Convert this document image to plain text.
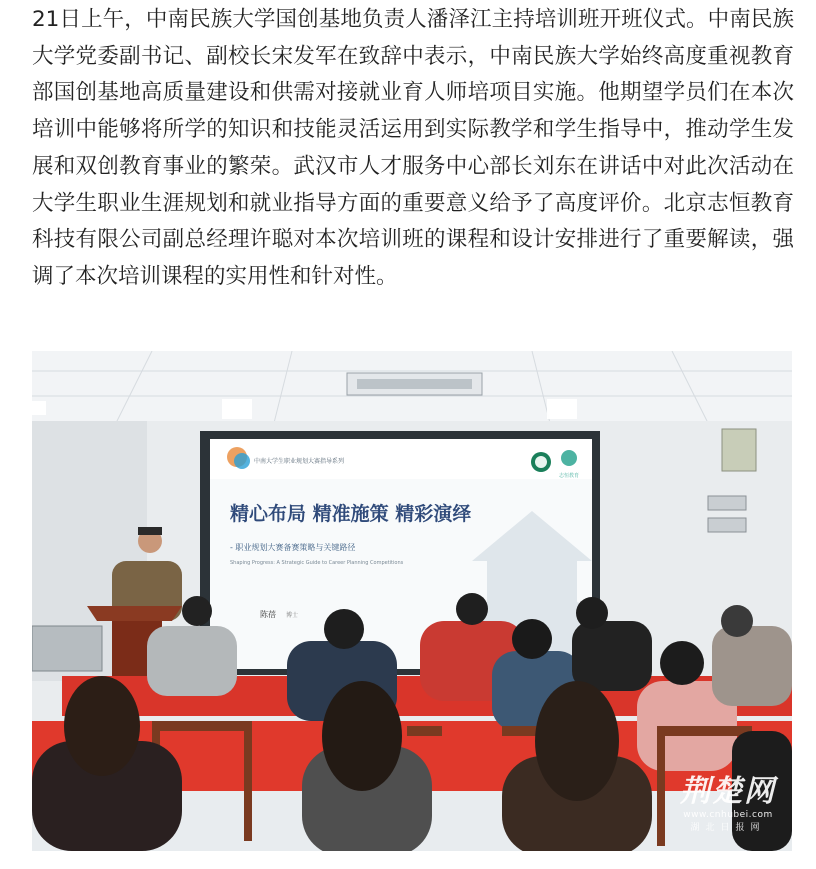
21日上午，中南民族大学国创基地负责人潘泽江主持培训班开班仪式。中南民族大学党委副书记、副校长宋发军在致辞中表示，中南民族大学始终高度重视教育部国创基地高质量建设和供需对接就业育人师培项目实施。他期望学员们在本次培训中能够将所学的知识和技能灵活运用到实际教学和学生指导中，推动学生发展和双创教育事业的繁荣。武汉市人才服务中心部长刘东在讲话中对此次活动在大学生职业生涯规划和就业指导方面的重要意义给予了高度评价。北京志恒教育科技有限公司副总经理许聪对本次培训班的课程和设计安排进行了重要解读，强调了本次培训课程的实用性和针对性。

中南大学生职业规划大赛指导系列
志恒教育
精心布局 精准施策 精彩演绎
- 职业规划大赛备赛策略与关键路径
Shaping Progress: A Strategic Guide to Career Planning Competitions
陈蓓 博士
荆楚网
www.cnhubei.com
湖北日报网
